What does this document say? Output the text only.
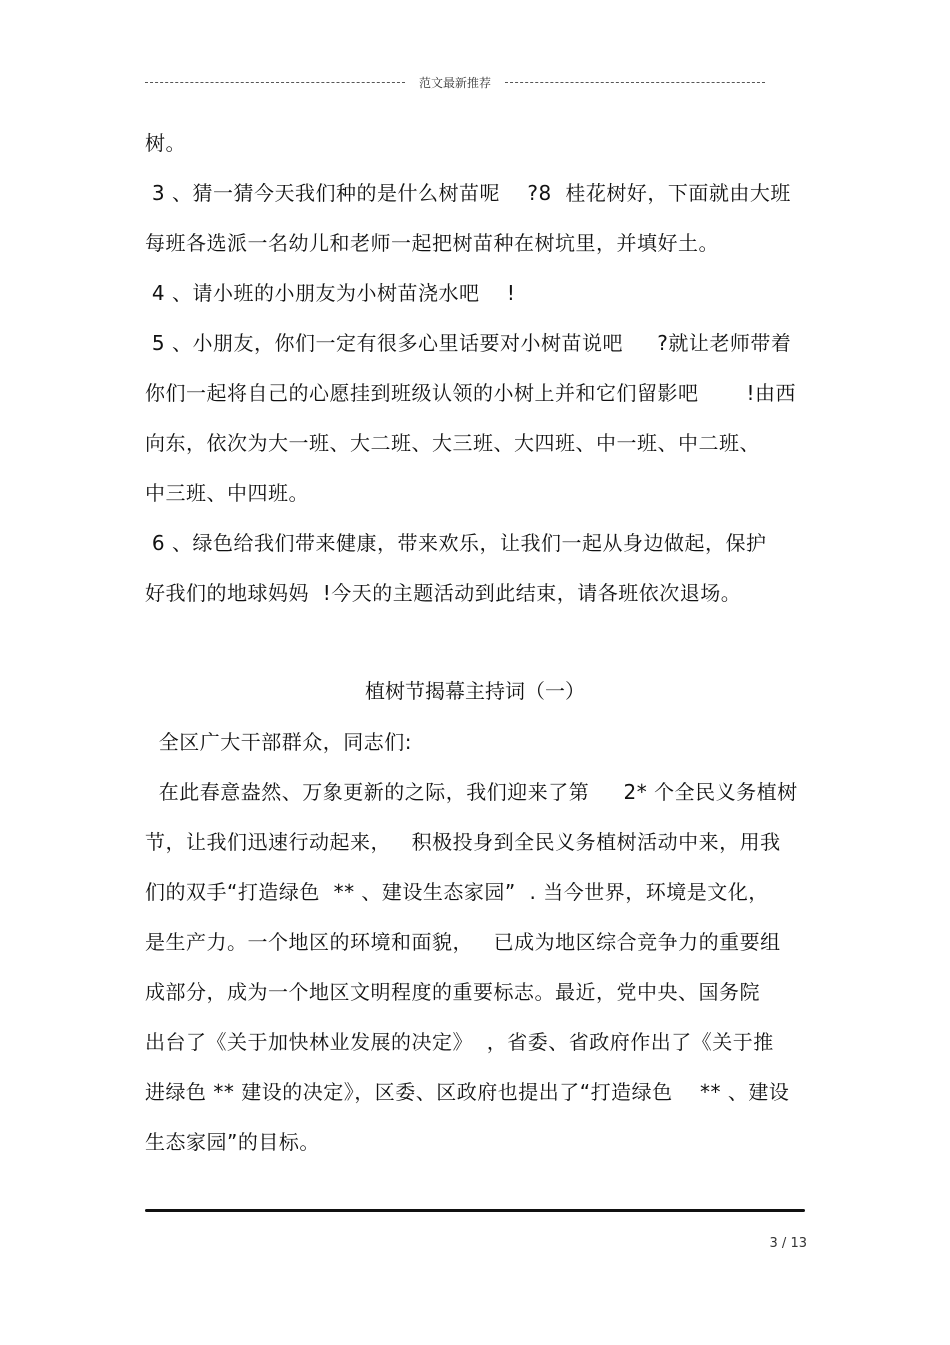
范文最新推荐
树。
3 、猜一猜今天我们种的是什么树苗呢    ?8  桂花树好，下面就由大班
每班各选派一名幼儿和老师一起把树苗种在树坑里，并填好土。
4 、请小班的小朋友为小树苗浇水吧    !
5 、小朋友，你们一定有很多心里话要对小树苗说吧     ?就让老师带着
你们一起将自己的心愿挂到班级认领的小树上并和它们留影吧       !由西
向东，依次为大一班、大二班、大三班、大四班、中一班、中二班、
中三班、中四班。
6 、绿色给我们带来健康，带来欢乐，让我们一起从身边做起，保护
好我们的地球妈妈  !今天的主题活动到此结束，请各班依次退场。
植树节揭幕主持词（一）
全区广大干部群众，同志们:
在此春意盎然、万象更新的之际，我们迎来了第     2* 个全民义务植树
节，让我们迅速行动起来，   积极投身到全民义务植树活动中来，用我
们的双手“打造绿色  ** 、建设生态家园”  . 当今世界，环境是文化，
是生产力。一个地区的环境和面貌，   已成为地区综合竞争力的重要组
成部分，成为一个地区文明程度的重要标志。最近，党中央、国务院
出台了《关于加快林业发展的决定》  ，省委、省政府作出了《关于推
进绿色 ** 建设的决定》，区委、区政府也提出了“打造绿色    ** 、建设
生态家园”的目标。
3 / 13
